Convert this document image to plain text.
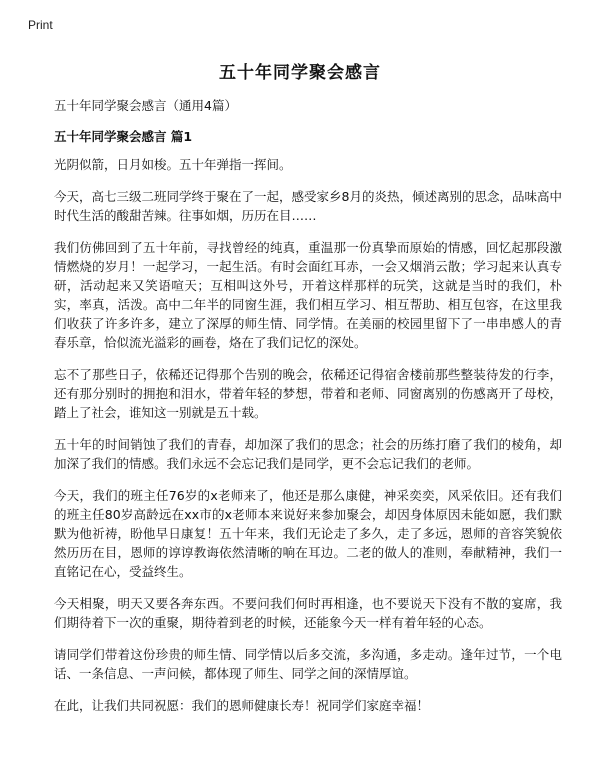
Print
五十年同学聚会感言

五十年同学聚会感言（通用4篇）

五十年同学聚会感言 篇1

光阴似箭，日月如梭。五十年弹指一挥间。

今天，高七三级二班同学终于聚在了一起，感受家乡8月的炎热，倾述离别的思念，品味高中时代生活的酸甜苦辣。往事如烟，历历在目……

我们仿佛回到了五十年前，寻找曾经的纯真，重温那一份真挚而原始的情感，回忆起那段激情燃烧的岁月！一起学习，一起生活。有时会面红耳赤，一会又烟消云散；学习起来认真专研，活动起来又笑语喧天；互相叫这外号，开着这样那样的玩笑，这就是当时的我们，朴实，率真，活泼。高中二年半的同窗生涯，我们相互学习、相互帮助、相互包容，在这里我们收获了许多许多，建立了深厚的师生情、同学情。在美丽的校园里留下了一串串感人的青春乐章，恰似流光溢彩的画卷，烙在了我们记忆的深处。

忘不了那些日子，依稀还记得那个告别的晚会，依稀还记得宿舍楼前那些整装待发的行李，还有那分别时的拥抱和泪水，带着年轻的梦想，带着和老师、同窗离别的伤感离开了母校，踏上了社会，谁知这一别就是五十载。

五十年的时间销蚀了我们的青春，却加深了我们的思念；社会的历练打磨了我们的棱角，却加深了我们的情感。我们永远不会忘记我们是同学，更不会忘记我们的老师。

今天，我们的班主任76岁的x老师来了，他还是那么康健，神采奕奕，风采依旧。还有我们的班主任80岁高龄远在xx市的x老师本来说好来参加聚会，却因身体原因未能如愿，我们默默为他祈祷，盼他早日康复！五十年来，我们无论走了多久，走了多远，恩师的音容笑貌依然历历在目，恩师的谆谆教诲依然清晰的响在耳边。二老的做人的准则，奉献精神，我们一直铭记在心，受益终生。

今天相聚，明天又要各奔东西。不要问我们何时再相逢，也不要说天下没有不散的宴席，我们期待着下一次的重聚，期待着到老的时候，还能象今天一样有着年轻的心态。

请同学们带着这份珍贵的师生情、同学情以后多交流，多沟通，多走动。逢年过节，一个电话、一条信息、一声问候，都体现了师生、同学之间的深情厚谊。

在此，让我们共同祝愿：我们的恩师健康长寿！祝同学们家庭幸福！
